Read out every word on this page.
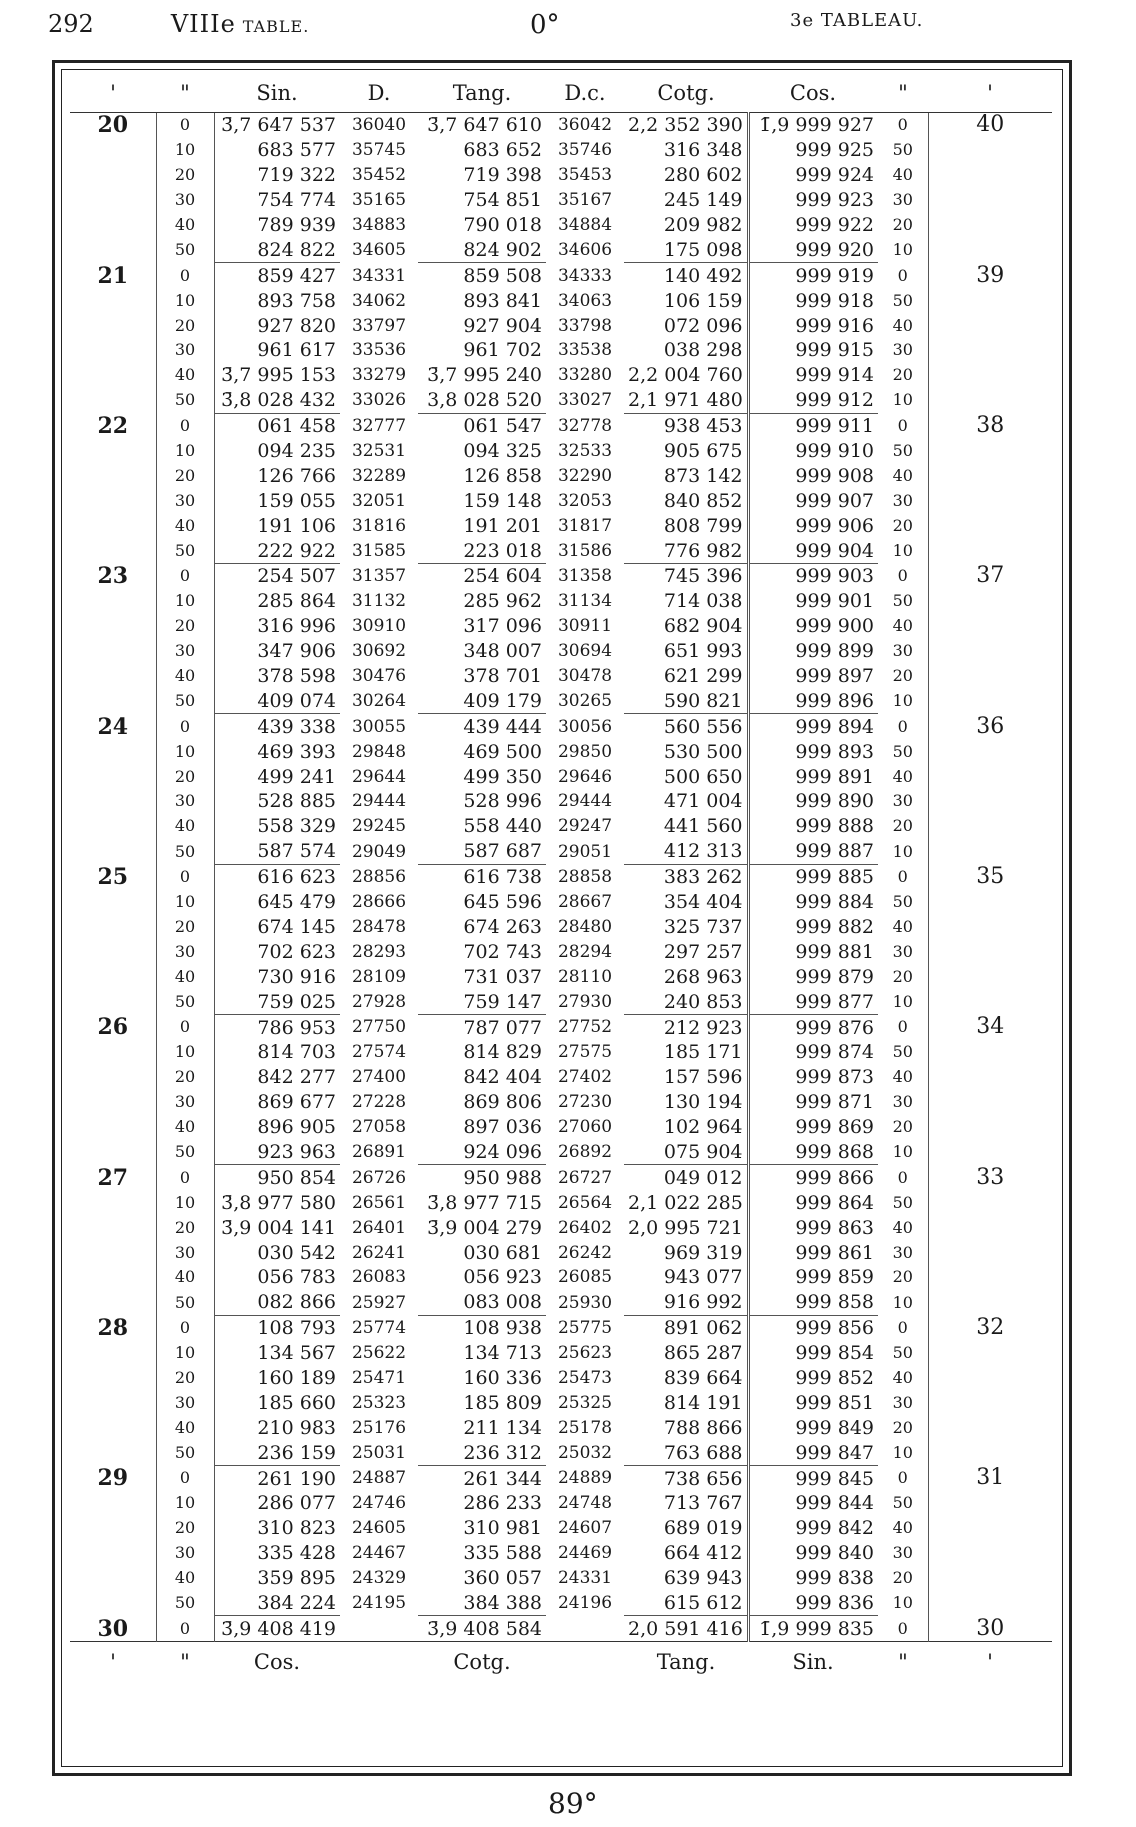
292	VIIIe TABLE.	0°	3e TABLEAU.
'	"	Sin.	D.	Tang.	D.c.	Cotg.	Cos.	"	'
20	0	3̄,7 647 537	36040	3̄,7 647 610	36042	2,2 352 390	1̄,9 999 927	0	40
	10	683 577	35745	683 652	35746	316 348	999 925	50	
	20	719 322	35452	719 398	35453	280 602	999 924	40	
	30	754 774	35165	754 851	35167	245 149	999 923	30	
	40	789 939	34883	790 018	34884	209 982	999 922	20	
	50	824 822	34605	824 902	34606	175 098	999 920	10	
21	0	859 427	34331	859 508	34333	140 492	999 919	0	39
	10	893 758	34062	893 841	34063	106 159	999 918	50	
	20	927 820	33797	927 904	33798	072 096	999 916	40	
	30	961 617	33536	961 702	33538	038 298	999 915	30	
	40	3̄,7 995 153	33279	3̄,7 995 240	33280	2,2 004 760	999 914	20	
	50	3̄,8 028 432	33026	3,8 028 520	33027	2,1 971 480	999 912	10	
22	0	061 458	32777	061 547	32778	938 453	999 911	0	38
	10	094 235	32531	094 325	32533	905 675	999 910	50	
	20	126 766	32289	126 858	32290	873 142	999 908	40	
	30	159 055	32051	159 148	32053	840 852	999 907	30	
	40	191 106	31816	191 201	31817	808 799	999 906	20	
	50	222 922	31585	223 018	31586	776 982	999 904	10	
23	0	254 507	31357	254 604	31358	745 396	999 903	0	37
	10	285 864	31132	285 962	31134	714 038	999 901	50	
	20	316 996	30910	317 096	30911	682 904	999 900	40	
	30	347 906	30692	348 007	30694	651 993	999 899	30	
	40	378 598	30476	378 701	30478	621 299	999 897	20	
	50	409 074	30264	409 179	30265	590 821	999 896	10	
24	0	439 338	30055	439 444	30056	560 556	999 894	0	36
	10	469 393	29848	469 500	29850	530 500	999 893	50	
	20	499 241	29644	499 350	29646	500 650	999 891	40	
	30	528 885	29444	528 996	29444	471 004	999 890	30	
	40	558 329	29245	558 440	29247	441 560	999 888	20	
	50	587 574	29049	587 687	29051	412 313	999 887	10	
25	0	616 623	28856	616 738	28858	383 262	999 885	0	35
	10	645 479	28666	645 596	28667	354 404	999 884	50	
	20	674 145	28478	674 263	28480	325 737	999 882	40	
	30	702 623	28293	702 743	28294	297 257	999 881	30	
	40	730 916	28109	731 037	28110	268 963	999 879	20	
	50	759 025	27928	759 147	27930	240 853	999 877	10	
26	0	786 953	27750	787 077	27752	212 923	999 876	0	34
	10	814 703	27574	814 829	27575	185 171	999 874	50	
	20	842 277	27400	842 404	27402	157 596	999 873	40	
	30	869 677	27228	869 806	27230	130 194	999 871	30	
	40	896 905	27058	897 036	27060	102 964	999 869	20	
	50	923 963	26891	924 096	26892	075 904	999 868	10	
27	0	950 854	26726	950 988	26727	049 012	999 866	0	33
	10	3̄,8 977 580	26561	3̄,8 977 715	26564	2,1 022 285	999 864	50	
	20	3̄,9 004 141	26401	3̄,9 004 279	26402	2,0 995 721	999 863	40	
	30	030 542	26241	030 681	26242	969 319	999 861	30	
	40	056 783	26083	056 923	26085	943 077	999 859	20	
	50	082 866	25927	083 008	25930	916 992	999 858	10	
28	0	108 793	25774	108 938	25775	891 062	999 856	0	32
	10	134 567	25622	134 713	25623	865 287	999 854	50	
	20	160 189	25471	160 336	25473	839 664	999 852	40	
	30	185 660	25323	185 809	25325	814 191	999 851	30	
	40	210 983	25176	211 134	25178	788 866	999 849	20	
	50	236 159	25031	236 312	25032	763 688	999 847	10	
29	0	261 190	24887	261 344	24889	738 656	999 845	0	31
	10	286 077	24746	286 233	24748	713 767	999 844	50	
	20	310 823	24605	310 981	24607	689 019	999 842	40	
	30	335 428	24467	335 588	24469	664 412	999 840	30	
	40	359 895	24329	360 057	24331	639 943	999 838	20	
	50	384 224	24195	384 388	24196	615 612	999 836	10	
30	0	3̄,9 408 419		3̄,9 408 584		2,0 591 416	1̄,9 999 835	0	30
'	"	Cos.		Cotg.		Tang.	Sin.	"	'
89°
